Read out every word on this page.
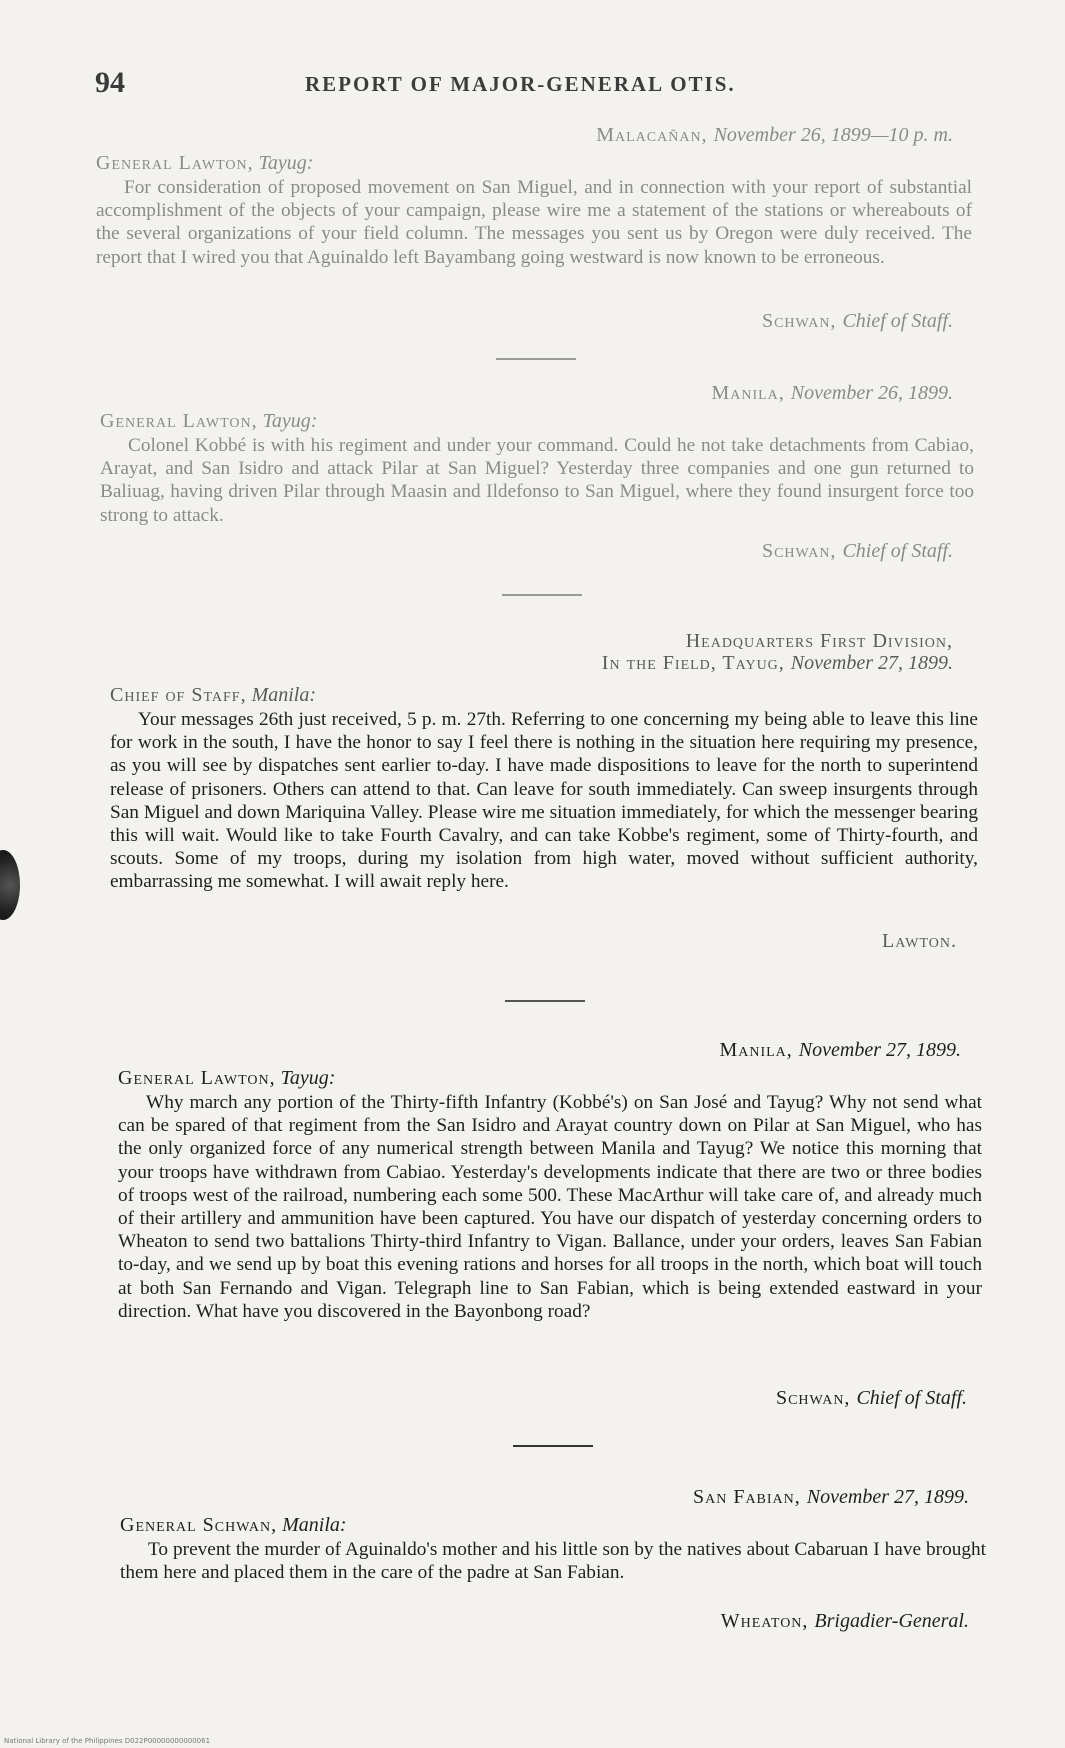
94	REPORT OF MAJOR-GENERAL OTIS.
Malacañan, November 26, 1899—10 p. m.
General Lawton, Tayug:
For consideration of proposed movement on San Miguel, and in connection with your report of substantial accomplishment of the objects of your campaign, please wire me a statement of the stations or whereabouts of the several organizations of your field column. The messages you sent us by Oregon were duly received. The report that I wired you that Aguinaldo left Bayambang going westward is now known to be erroneous.
Schwan, Chief of Staff.
Manila, November 26, 1899.
General Lawton, Tayug:
Colonel Kobbé is with his regiment and under your command. Could he not take detachments from Cabiao, Arayat, and San Isidro and attack Pilar at San Miguel? Yesterday three companies and one gun returned to Baliuag, having driven Pilar through Maasin and Ildefonso to San Miguel, where they found insurgent force too strong to attack.
Schwan, Chief of Staff.
Headquarters First Division,
In the Field, Tayug, November 27, 1899.
Chief of Staff, Manila:
Your messages 26th just received, 5 p. m. 27th. Referring to one concerning my being able to leave this line for work in the south, I have the honor to say I feel there is nothing in the situation here requiring my presence, as you will see by dispatches sent earlier to-day. I have made dispositions to leave for the north to superintend release of prisoners. Others can attend to that. Can leave for south immediately. Can sweep insurgents through San Miguel and down Mariquina Valley. Please wire me situation immediately, for which the messenger bearing this will wait. Would like to take Fourth Cavalry, and can take Kobbe's regiment, some of Thirty-fourth, and scouts. Some of my troops, during my isolation from high water, moved without sufficient authority, embarrassing me somewhat. I will await reply here.
Lawton.
Manila, November 27, 1899.
General Lawton, Tayug:
Why march any portion of the Thirty-fifth Infantry (Kobbé's) on San José and Tayug? Why not send what can be spared of that regiment from the San Isidro and Arayat country down on Pilar at San Miguel, who has the only organized force of any numerical strength between Manila and Tayug? We notice this morning that your troops have withdrawn from Cabiao. Yesterday's developments indicate that there are two or three bodies of troops west of the railroad, numbering each some 500. These MacArthur will take care of, and already much of their artillery and ammunition have been captured. You have our dispatch of yesterday concerning orders to Wheaton to send two battalions Thirty-third Infantry to Vigan. Ballance, under your orders, leaves San Fabian to-day, and we send up by boat this evening rations and horses for all troops in the north, which boat will touch at both San Fernando and Vigan. Telegraph line to San Fabian, which is being extended eastward in your direction. What have you discovered in the Bayonbong road?
Schwan, Chief of Staff.
San Fabian, November 27, 1899.
General Schwan, Manila:
To prevent the murder of Aguinaldo's mother and his little son by the natives about Cabaruan I have brought them here and placed them in the care of the padre at San Fabian.
Wheaton, Brigadier-General.
National Library of the Philippines D022P00000000000061
